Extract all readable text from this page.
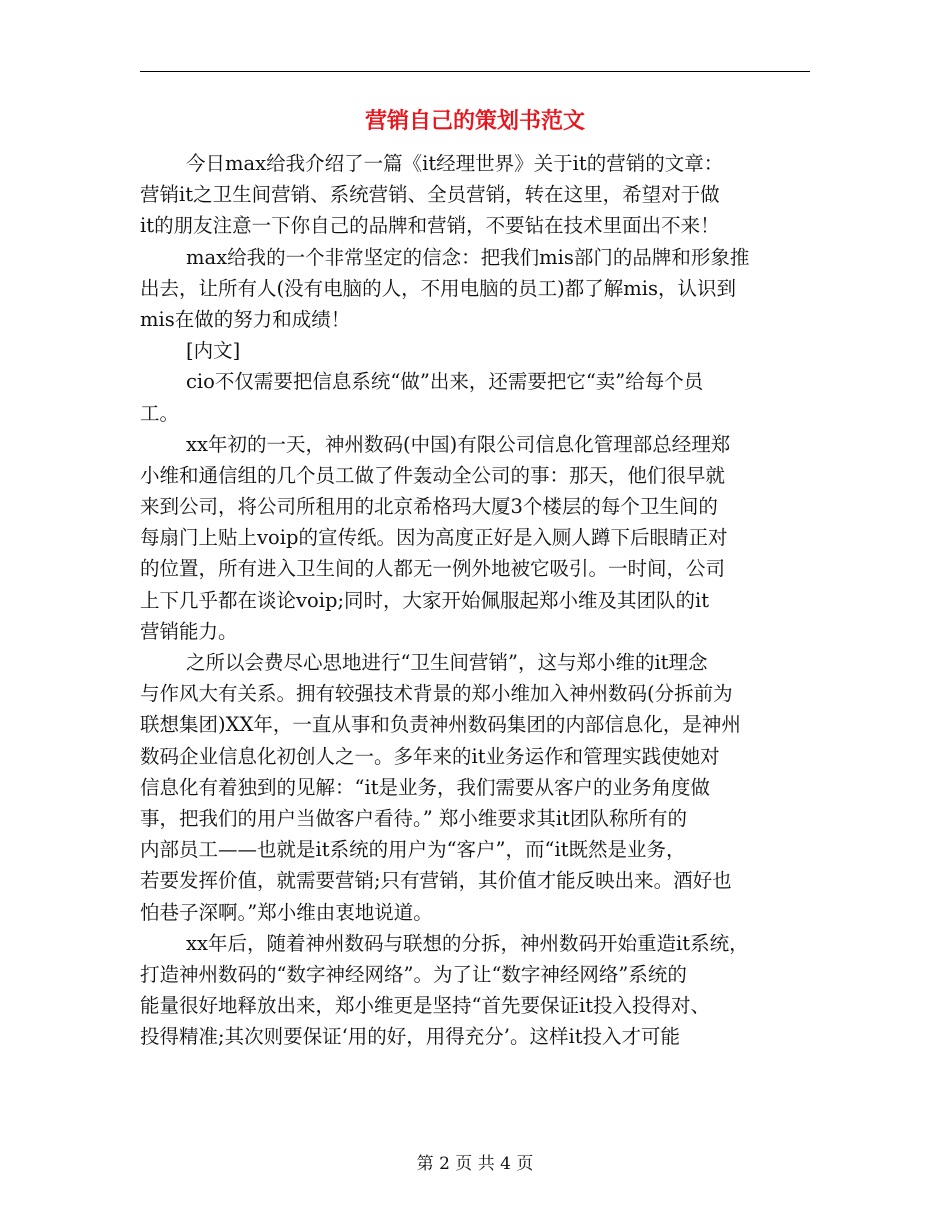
营销自己的策划书范文
今日max给我介绍了一篇《it经理世界》关于it的营销的文章：
营销it之卫生间营销、系统营销、全员营销，转在这里，希望对于做
it的朋友注意一下你自己的品牌和营销，不要钻在技术里面出不来！
max给我的一个非常坚定的信念：把我们mis部门的品牌和形象推
出去，让所有人(没有电脑的人，不用电脑的员工)都了解mis，认识到
mis在做的努力和成绩！
[内文]
cio不仅需要把信息系统“做”出来，还需要把它“卖”给每个员
工。
xx年初的一天，神州数码(中国)有限公司信息化管理部总经理郑
小维和通信组的几个员工做了件轰动全公司的事：那天，他们很早就
来到公司，将公司所租用的北京希格玛大厦3个楼层的每个卫生间的
每扇门上贴上voip的宣传纸。因为高度正好是入厕人蹲下后眼睛正对
的位置，所有进入卫生间的人都无一例外地被它吸引。一时间，公司
上下几乎都在谈论voip;同时，大家开始佩服起郑小维及其团队的it
营销能力。
之所以会费尽心思地进行“卫生间营销”，这与郑小维的it理念
与作风大有关系。拥有较强技术背景的郑小维加入神州数码(分拆前为
联想集团)XX年，一直从事和负责神州数码集团的内部信息化，是神州
数码企业信息化初创人之一。多年来的it业务运作和管理实践使她对
信息化有着独到的见解：“it是业务，我们需要从客户的业务角度做
事，把我们的用户当做客户看待。” 郑小维要求其it团队称所有的
内部员工——也就是it系统的用户为“客户”，而“it既然是业务，
若要发挥价值，就需要营销;只有营销，其价值才能反映出来。酒好也
怕巷子深啊。”郑小维由衷地说道。
xx年后，随着神州数码与联想的分拆，神州数码开始重造it系统，
打造神州数码的“数字神经网络”。为了让“数字神经网络”系统的
能量很好地释放出来，郑小维更是坚持“首先要保证it投入投得对、
投得精准;其次则要保证‘用的好，用得充分’。这样it投入才可能
第 2 页 共 4 页
